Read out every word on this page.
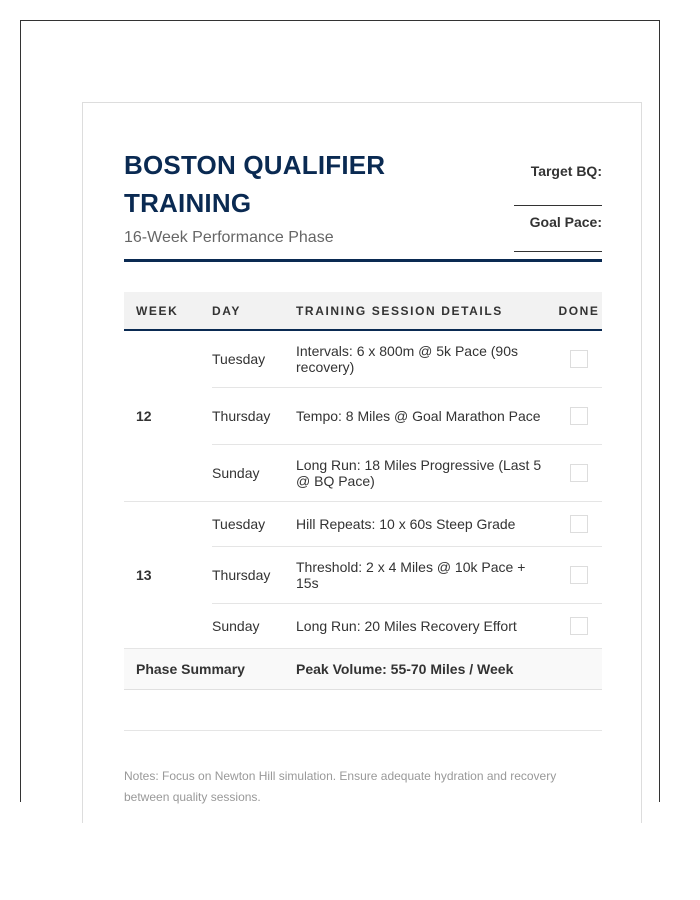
BOSTON QUALIFIER TRAINING
16-Week Performance Phase
Target BQ:
Goal Pace:
WEEK	DAY	TRAINING SESSION DETAILS	DONE
12	Tuesday	Intervals: 6 x 800m @ 5k Pace (90s recovery)	
	Thursday	Tempo: 8 Miles @ Goal Marathon Pace	
	Sunday	Long Run: 18 Miles Progressive (Last 5 @ BQ Pace)	
13	Tuesday	Hill Repeats: 10 x 60s Steep Grade	
	Thursday	Threshold: 2 x 4 Miles @ 10k Pace + 15s	
	Sunday	Long Run: 20 Miles Recovery Effort	
Phase Summary		Peak Volume: 55-70 Miles / Week	
Notes: Focus on Newton Hill simulation. Ensure adequate hydration and recovery between quality sessions.
